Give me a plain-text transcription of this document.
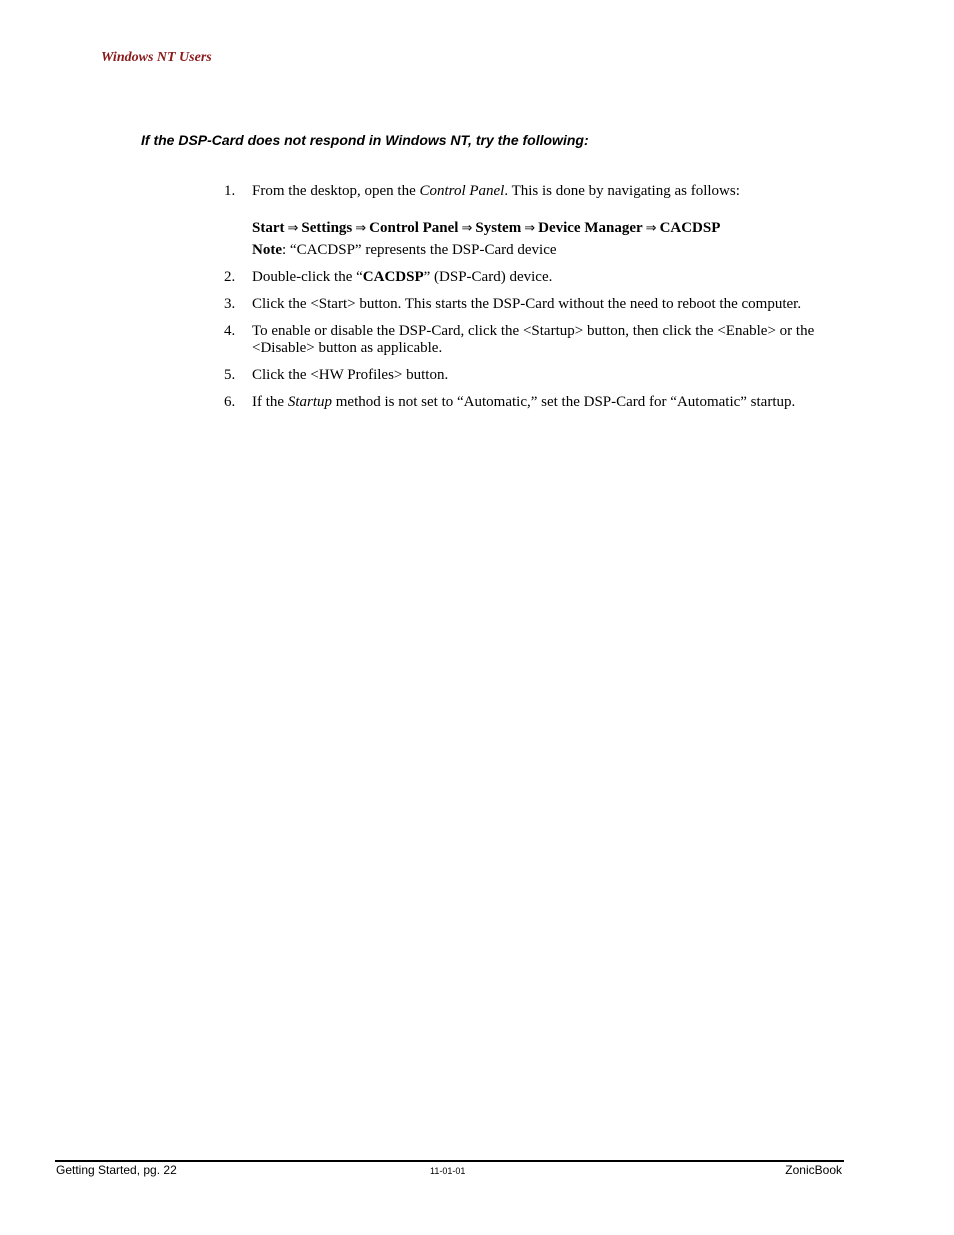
Windows NT Users
If the DSP-Card does not respond in Windows NT, try the following:
1. From the desktop, open the Control Panel. This is done by navigating as follows:
Start ⇒ Settings ⇒ Control Panel ⇒ System ⇒ Device Manager ⇒ CACDSP
Note: “CACDSP” represents the DSP-Card device
2. Double-click the “CACDSP” (DSP-Card) device.
3. Click the <Start> button. This starts the DSP-Card without the need to reboot the computer.
4. To enable or disable the DSP-Card, click the <Startup> button, then click the <Enable> or the <Disable> button as applicable.
5. Click the <HW Profiles> button.
6. If the Startup method is not set to “Automatic,” set the DSP-Card for “Automatic” startup.
Getting Started, pg. 22	11-01-01	ZonicBook
